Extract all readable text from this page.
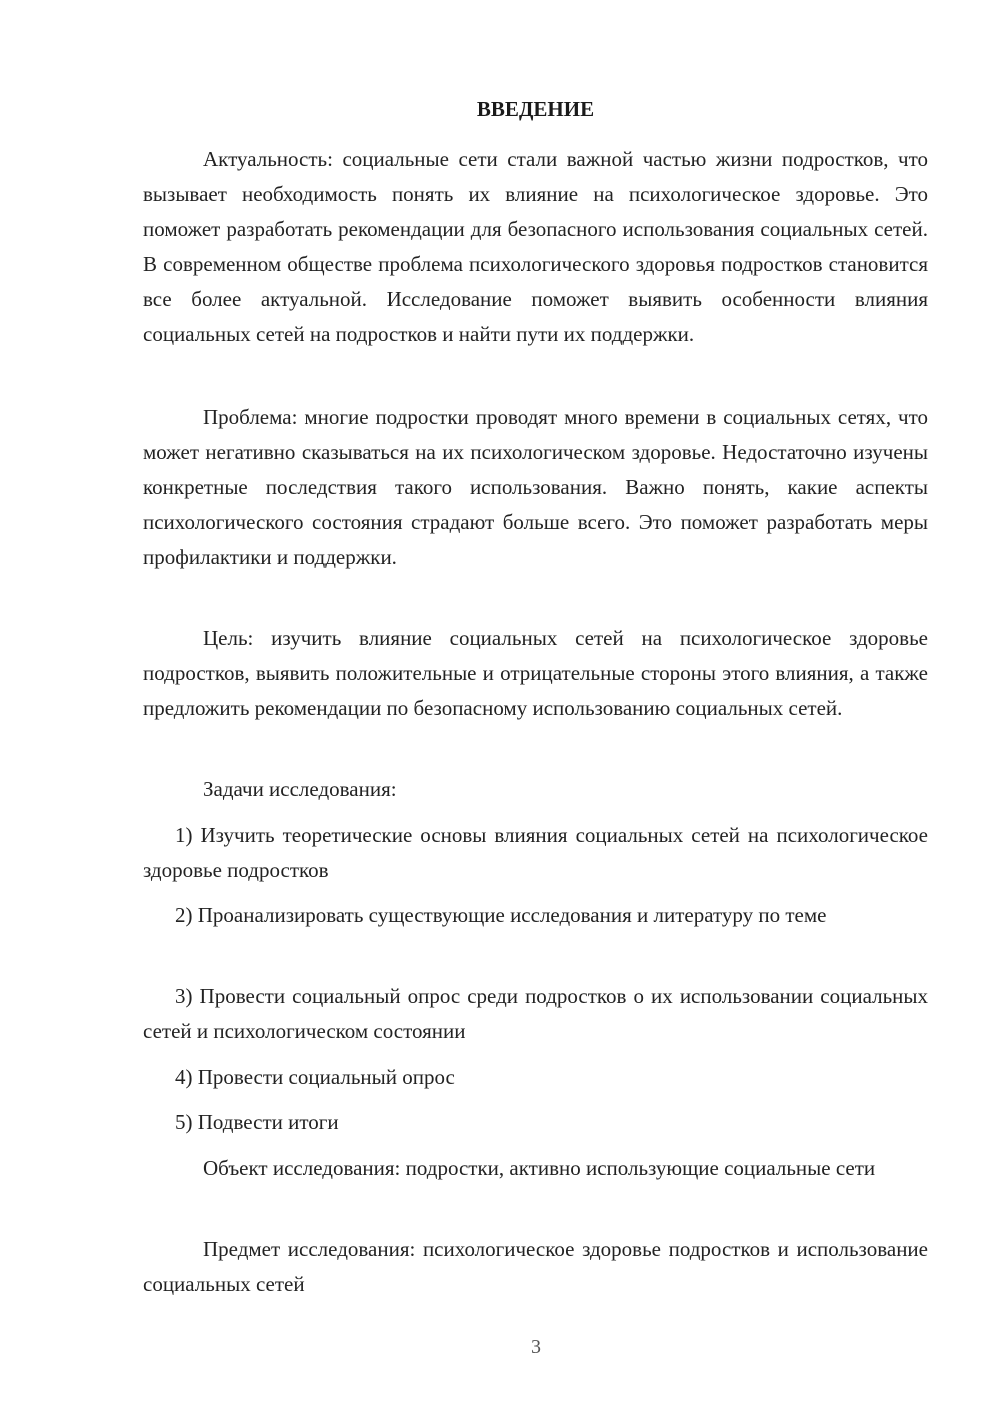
ВВЕДЕНИЕ

Актуальность: социальные сети стали важной частью жизни подростков, что вызывает необходимость понять их влияние на психологическое здоровье. Это поможет разработать рекомендации для безопасного использования социальных сетей. В современном обществе проблема психологического здоровья подростков становится все более актуальной. Исследование поможет выявить особенности влияния социальных сетей на подростков и найти пути их поддержки.

Проблема: многие подростки проводят много времени в социальных сетях, что может негативно сказываться на их психологическом здоровье. Недостаточно изучены конкретные последствия такого использования. Важно понять, какие аспекты психологического состояния страдают больше всего. Это поможет разработать меры профилактики и поддержки.

Цель: изучить влияние социальных сетей на психологическое здоровье подростков, выявить положительные и отрицательные стороны этого влияния, а также предложить рекомендации по безопасному использованию социальных сетей.

Задачи исследования:

1) Изучить теоретические основы влияния социальных сетей на психологическое здоровье подростков

2) Проанализировать существующие исследования и литературу по теме

3) Провести социальный опрос среди подростков о их использовании социальных сетей и психологическом состоянии

4) Провести социальный опрос

5) Подвести итоги

Объект исследования: подростки, активно использующие социальные сети

Предмет исследования: психологическое здоровье подростков и использование социальных сетей

3
